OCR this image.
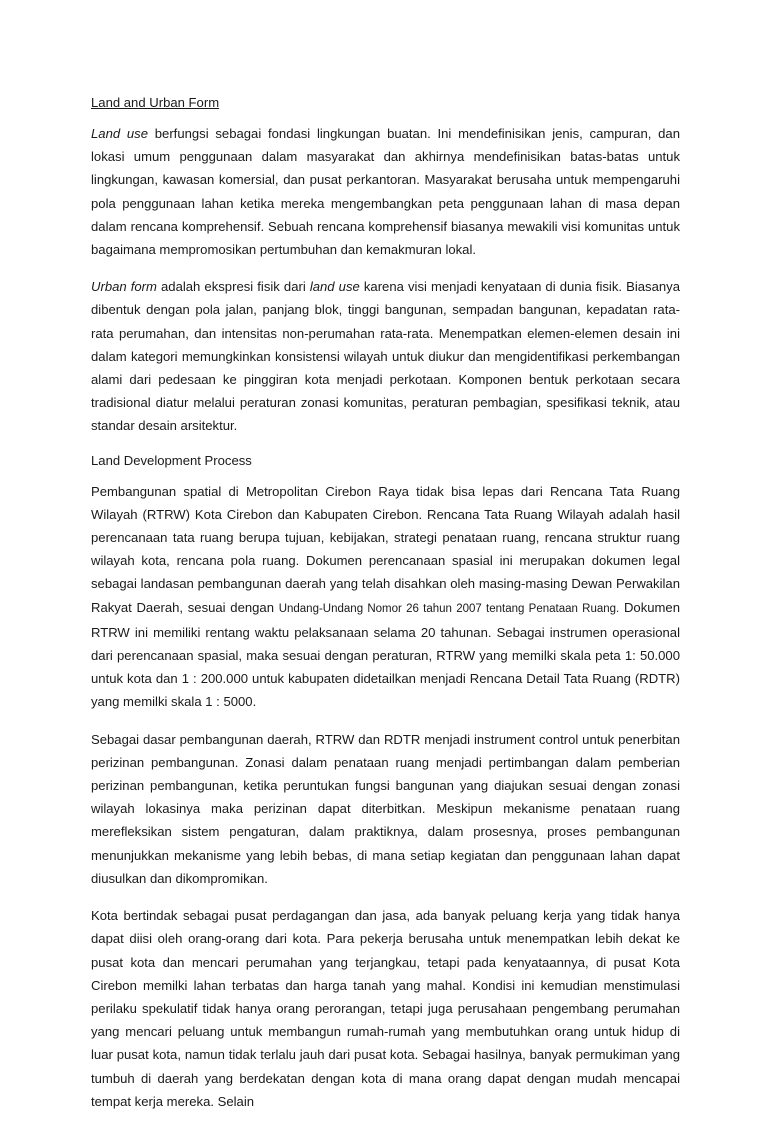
Land and Urban Form

Land use berfungsi sebagai fondasi lingkungan buatan. Ini mendefinisikan jenis, campuran, dan lokasi umum penggunaan dalam masyarakat dan akhirnya mendefinisikan batas-batas untuk lingkungan, kawasan komersial, dan pusat perkantoran. Masyarakat berusaha untuk mempengaruhi pola penggunaan lahan ketika mereka mengembangkan peta penggunaan lahan di masa depan dalam rencana komprehensif. Sebuah rencana komprehensif biasanya mewakili visi komunitas untuk bagaimana mempromosikan pertumbuhan dan kemakmuran lokal.

Urban form adalah ekspresi fisik dari land use karena visi menjadi kenyataan di dunia fisik. Biasanya dibentuk dengan pola jalan, panjang blok, tinggi bangunan, sempadan bangunan, kepadatan rata-rata perumahan, dan intensitas non-perumahan rata-rata. Menempatkan elemen-elemen desain ini dalam kategori memungkinkan konsistensi wilayah untuk diukur dan mengidentifikasi perkembangan alami dari pedesaan ke pinggiran kota menjadi perkotaan. Komponen bentuk perkotaan secara tradisional diatur melalui peraturan zonasi komunitas, peraturan pembagian, spesifikasi teknik, atau standar desain arsitektur.

Land Development Process

Pembangunan spatial di Metropolitan Cirebon Raya tidak bisa lepas dari Rencana Tata Ruang Wilayah (RTRW) Kota Cirebon dan Kabupaten Cirebon. Rencana Tata Ruang Wilayah adalah hasil perencanaan tata ruang berupa tujuan, kebijakan, strategi penataan ruang, rencana struktur ruang wilayah kota, rencana pola ruang. Dokumen perencanaan spasial ini merupakan dokumen legal sebagai landasan pembangunan daerah yang telah disahkan oleh masing-masing Dewan Perwakilan Rakyat Daerah, sesuai dengan Undang-Undang Nomor 26 tahun 2007 tentang Penataan Ruang. Dokumen RTRW ini memiliki rentang waktu pelaksanaan selama 20 tahunan. Sebagai instrumen operasional dari perencanaan spasial, maka sesuai dengan peraturan, RTRW yang memilki skala peta 1: 50.000 untuk kota dan 1 : 200.000 untuk kabupaten didetailkan menjadi Rencana Detail Tata Ruang (RDTR) yang memilki skala 1 : 5000.

Sebagai dasar pembangunan daerah, RTRW dan RDTR menjadi instrument control untuk penerbitan perizinan pembangunan. Zonasi dalam penataan ruang menjadi pertimbangan dalam pemberian perizinan pembangunan, ketika peruntukan fungsi bangunan yang diajukan sesuai dengan zonasi wilayah lokasinya maka perizinan dapat diterbitkan. Meskipun mekanisme penataan ruang merefleksikan sistem pengaturan, dalam praktiknya, dalam prosesnya, proses pembangunan menunjukkan mekanisme yang lebih bebas, di mana setiap kegiatan dan penggunaan lahan dapat diusulkan dan dikompromikan.

Kota bertindak sebagai pusat perdagangan dan jasa, ada banyak peluang kerja yang tidak hanya dapat diisi oleh orang-orang dari kota. Para pekerja berusaha untuk menempatkan lebih dekat ke pusat kota dan mencari perumahan yang terjangkau, tetapi pada kenyataannya, di pusat Kota Cirebon memilki lahan terbatas dan harga tanah yang mahal. Kondisi ini kemudian menstimulasi perilaku spekulatif tidak hanya orang perorangan, tetapi juga perusahaan pengembang perumahan yang mencari peluang untuk membangun rumah-rumah yang membutuhkan orang untuk hidup di luar pusat kota, namun tidak terlalu jauh dari pusat kota. Sebagai hasilnya, banyak permukiman yang tumbuh di daerah yang berdekatan dengan kota di mana orang dapat dengan mudah mencapai tempat kerja mereka. Selain
